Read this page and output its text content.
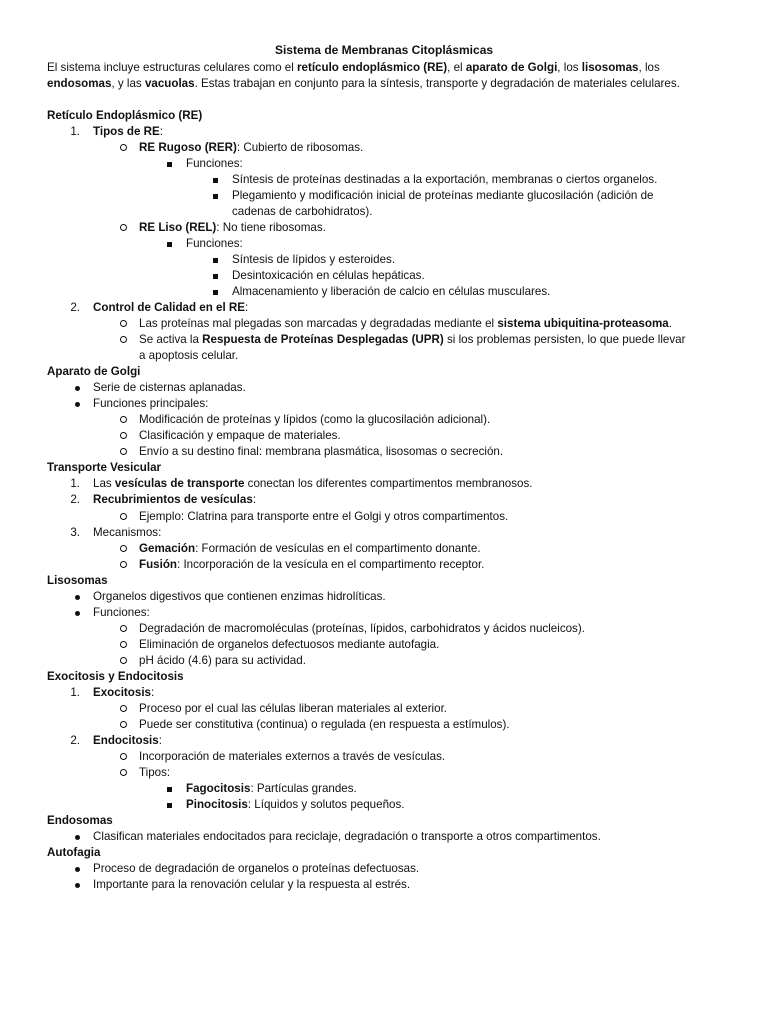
Sistema de Membranas Citoplásmicas
El sistema incluye estructuras celulares como el retículo endoplásmico (RE), el aparato de Golgi, los lisosomas, los endosomas, y las vacuolas. Estas trabajan en conjunto para la síntesis, transporte y degradación de materiales celulares.
Retículo Endoplásmico (RE)
1. Tipos de RE:
RE Rugoso (RER): Cubierto de ribosomas.
Funciones:
Síntesis de proteínas destinadas a la exportación, membranas o ciertos organelos.
Plegamiento y modificación inicial de proteínas mediante glucosilación (adición de
cadenas de carbohidratos).
RE Liso (REL): No tiene ribosomas.
Funciones:
Síntesis de lípidos y esteroides.
Desintoxicación en células hepáticas.
Almacenamiento y liberación de calcio en células musculares.
2. Control de Calidad en el RE:
Las proteínas mal plegadas son marcadas y degradadas mediante el sistema ubiquitina-proteasoma.
Se activa la Respuesta de Proteínas Desplegadas (UPR) si los problemas persisten, lo que puede llevar
a apoptosis celular.
Aparato de Golgi
Serie de cisternas aplanadas.
Funciones principales:
Modificación de proteínas y lípidos (como la glucosilación adicional).
Clasificación y empaque de materiales.
Envío a su destino final: membrana plasmática, lisosomas o secreción.
Transporte Vesicular
1. Las vesículas de transporte conectan los diferentes compartimentos membranosos.
2. Recubrimientos de vesículas:
Ejemplo: Clatrina para transporte entre el Golgi y otros compartimentos.
3. Mecanismos:
Gemación: Formación de vesículas en el compartimento donante.
Fusión: Incorporación de la vesícula en el compartimento receptor.
Lisosomas
Organelos digestivos que contienen enzimas hidrolíticas.
Funciones:
Degradación de macromoléculas (proteínas, lípidos, carbohidratos y ácidos nucleicos).
Eliminación de organelos defectuosos mediante autofagia.
pH ácido (4.6) para su actividad.
Exocitosis y Endocitosis
1. Exocitosis:
Proceso por el cual las células liberan materiales al exterior.
Puede ser constitutiva (continua) o regulada (en respuesta a estímulos).
2. Endocitosis:
Incorporación de materiales externos a través de vesículas.
Tipos:
Fagocitosis: Partículas grandes.
Pinocitosis: Líquidos y solutos pequeños.
Endosomas
Clasifican materiales endocitados para reciclaje, degradación o transporte a otros compartimentos.
Autofagia
Proceso de degradación de organelos o proteínas defectuosas.
Importante para la renovación celular y la respuesta al estrés.
